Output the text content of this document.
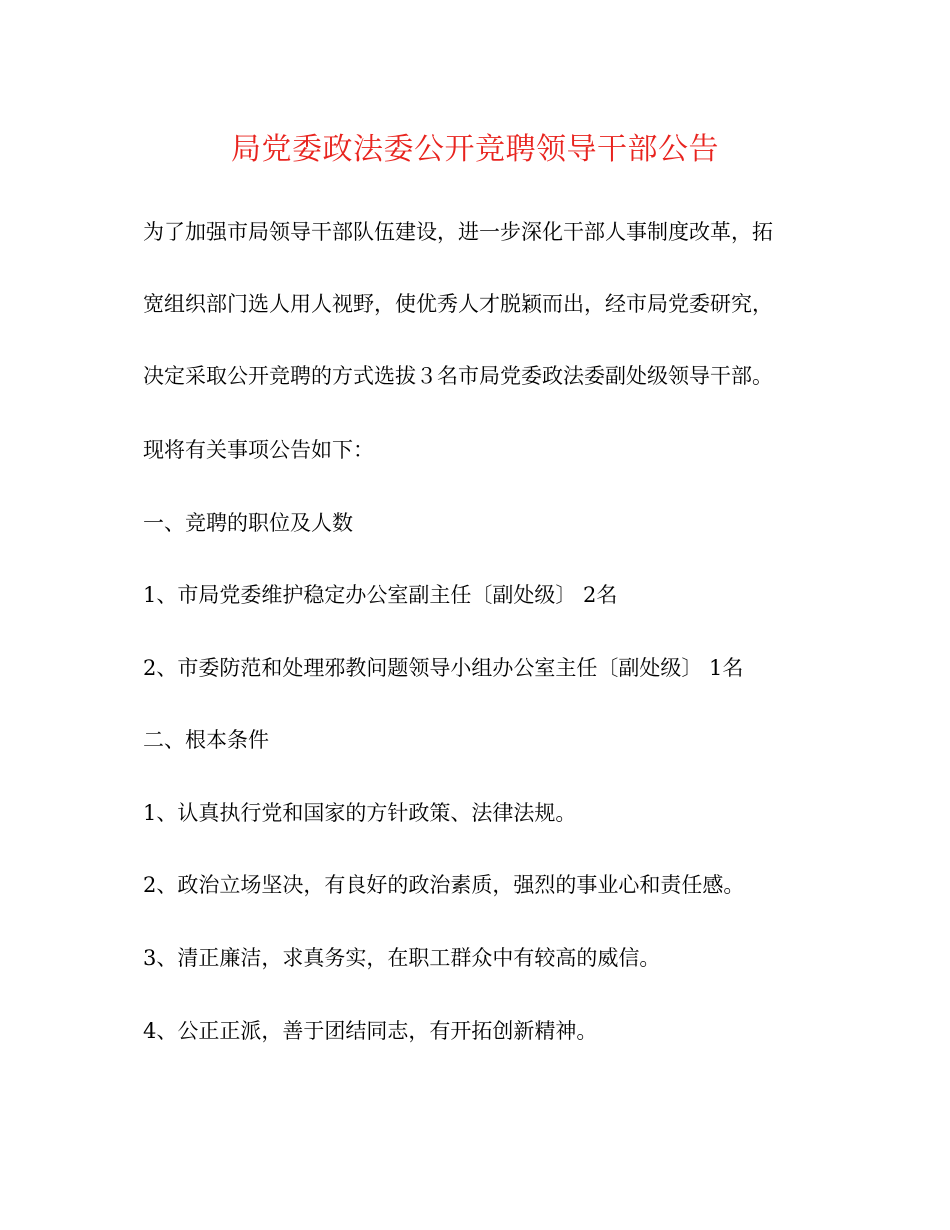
局党委政法委公开竞聘领导干部公告
为了加强市局领导干部队伍建设，进一步深化干部人事制度改革，拓
宽组织部门选人用人视野，使优秀人才脱颖而出，经市局党委研究，
决定采取公开竞聘的方式选拔３名市局党委政法委副处级领导干部。
现将有关事项公告如下：
一、竞聘的职位及人数
1、市局党委维护稳定办公室副主任〔副处级〕 2名
2、市委防范和处理邪教问题领导小组办公室主任〔副处级〕 1名
二、根本条件
1、认真执行党和国家的方针政策、法律法规。
2、政治立场坚决，有良好的政治素质，强烈的事业心和责任感。
3、清正廉洁，求真务实，在职工群众中有较高的威信。
4、公正正派，善于团结同志，有开拓创新精神。
